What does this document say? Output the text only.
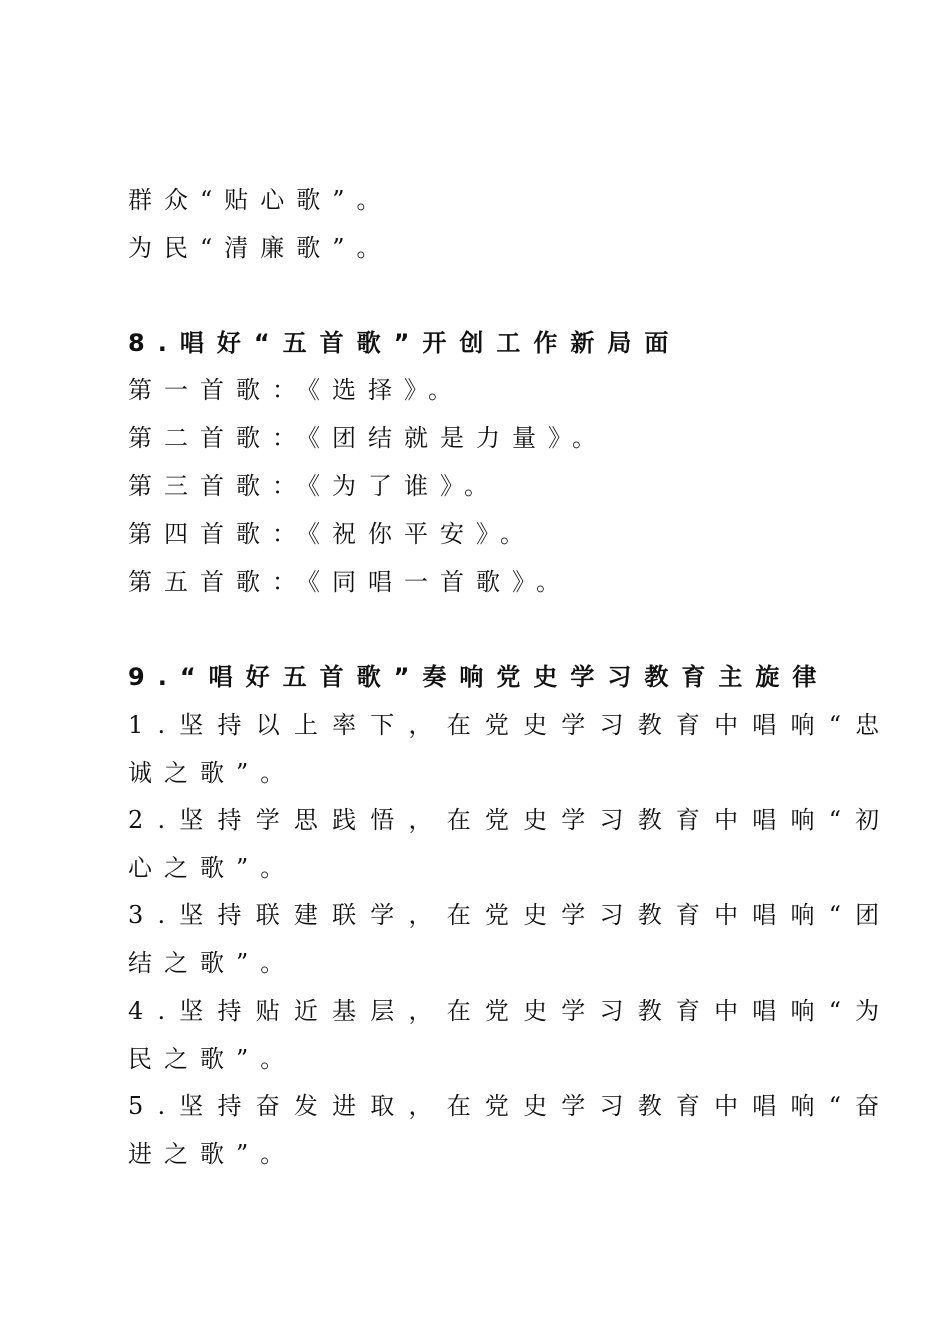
群众“贴心歌”。
为民“清廉歌”。
8.唱好“五首歌”开创工作新局面
第一首歌：《选择》。
第二首歌：《团结就是力量》。
第三首歌：《为了谁》。
第四首歌：《祝你平安》。
第五首歌：《同唱一首歌》。
9.“唱好五首歌”奏响党史学习教育主旋律
1.坚持以上率下，在党史学习教育中唱响“忠
诚之歌”。
2.坚持学思践悟，在党史学习教育中唱响“初
心之歌”。
3.坚持联建联学，在党史学习教育中唱响“团
结之歌”。
4.坚持贴近基层，在党史学习教育中唱响“为
民之歌”。
5.坚持奋发进取，在党史学习教育中唱响“奋
进之歌”。
